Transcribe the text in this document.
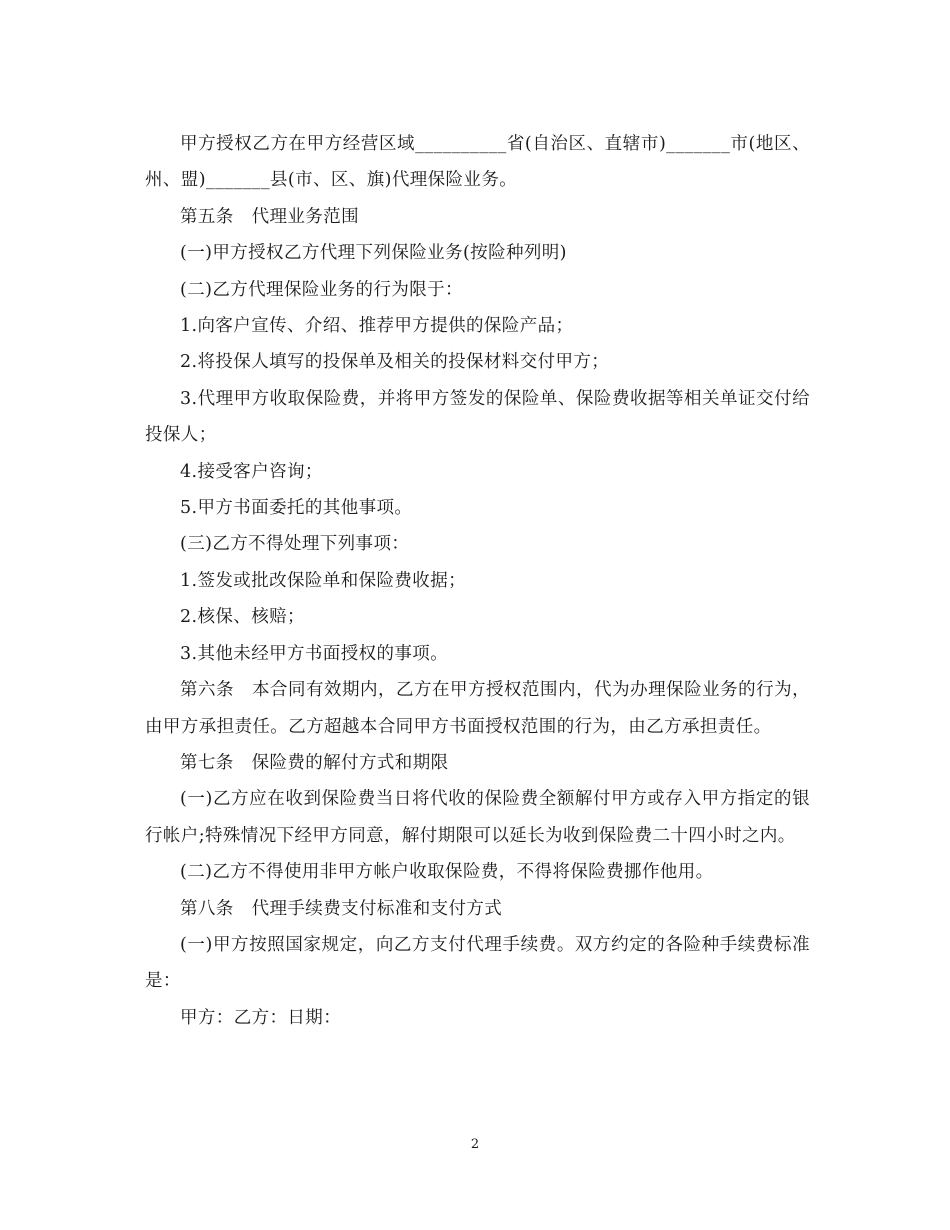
甲方授权乙方在甲方经营区域__________省(自治区、直辖市)_______市(地区、州、盟)_______县(市、区、旗)代理保险业务。

第五条　代理业务范围

(一)甲方授权乙方代理下列保险业务(按险种列明)

(二)乙方代理保险业务的行为限于：

1.向客户宣传、介绍、推荐甲方提供的保险产品；

2.将投保人填写的投保单及相关的投保材料交付甲方；

3.代理甲方收取保险费，并将甲方签发的保险单、保险费收据等相关单证交付给投保人；

4.接受客户咨询；

5.甲方书面委托的其他事项。

(三)乙方不得处理下列事项：

1.签发或批改保险单和保险费收据；

2.核保、核赔；

3.其他未经甲方书面授权的事项。

第六条　本合同有效期内，乙方在甲方授权范围内，代为办理保险业务的行为，由甲方承担责任。乙方超越本合同甲方书面授权范围的行为，由乙方承担责任。

第七条　保险费的解付方式和期限

(一)乙方应在收到保险费当日将代收的保险费全额解付甲方或存入甲方指定的银行帐户;特殊情况下经甲方同意，解付期限可以延长为收到保险费二十四小时之内。

(二)乙方不得使用非甲方帐户收取保险费，不得将保险费挪作他用。

第八条　代理手续费支付标准和支付方式

(一)甲方按照国家规定，向乙方支付代理手续费。双方约定的各险种手续费标准是：

甲方：乙方：日期：

2
